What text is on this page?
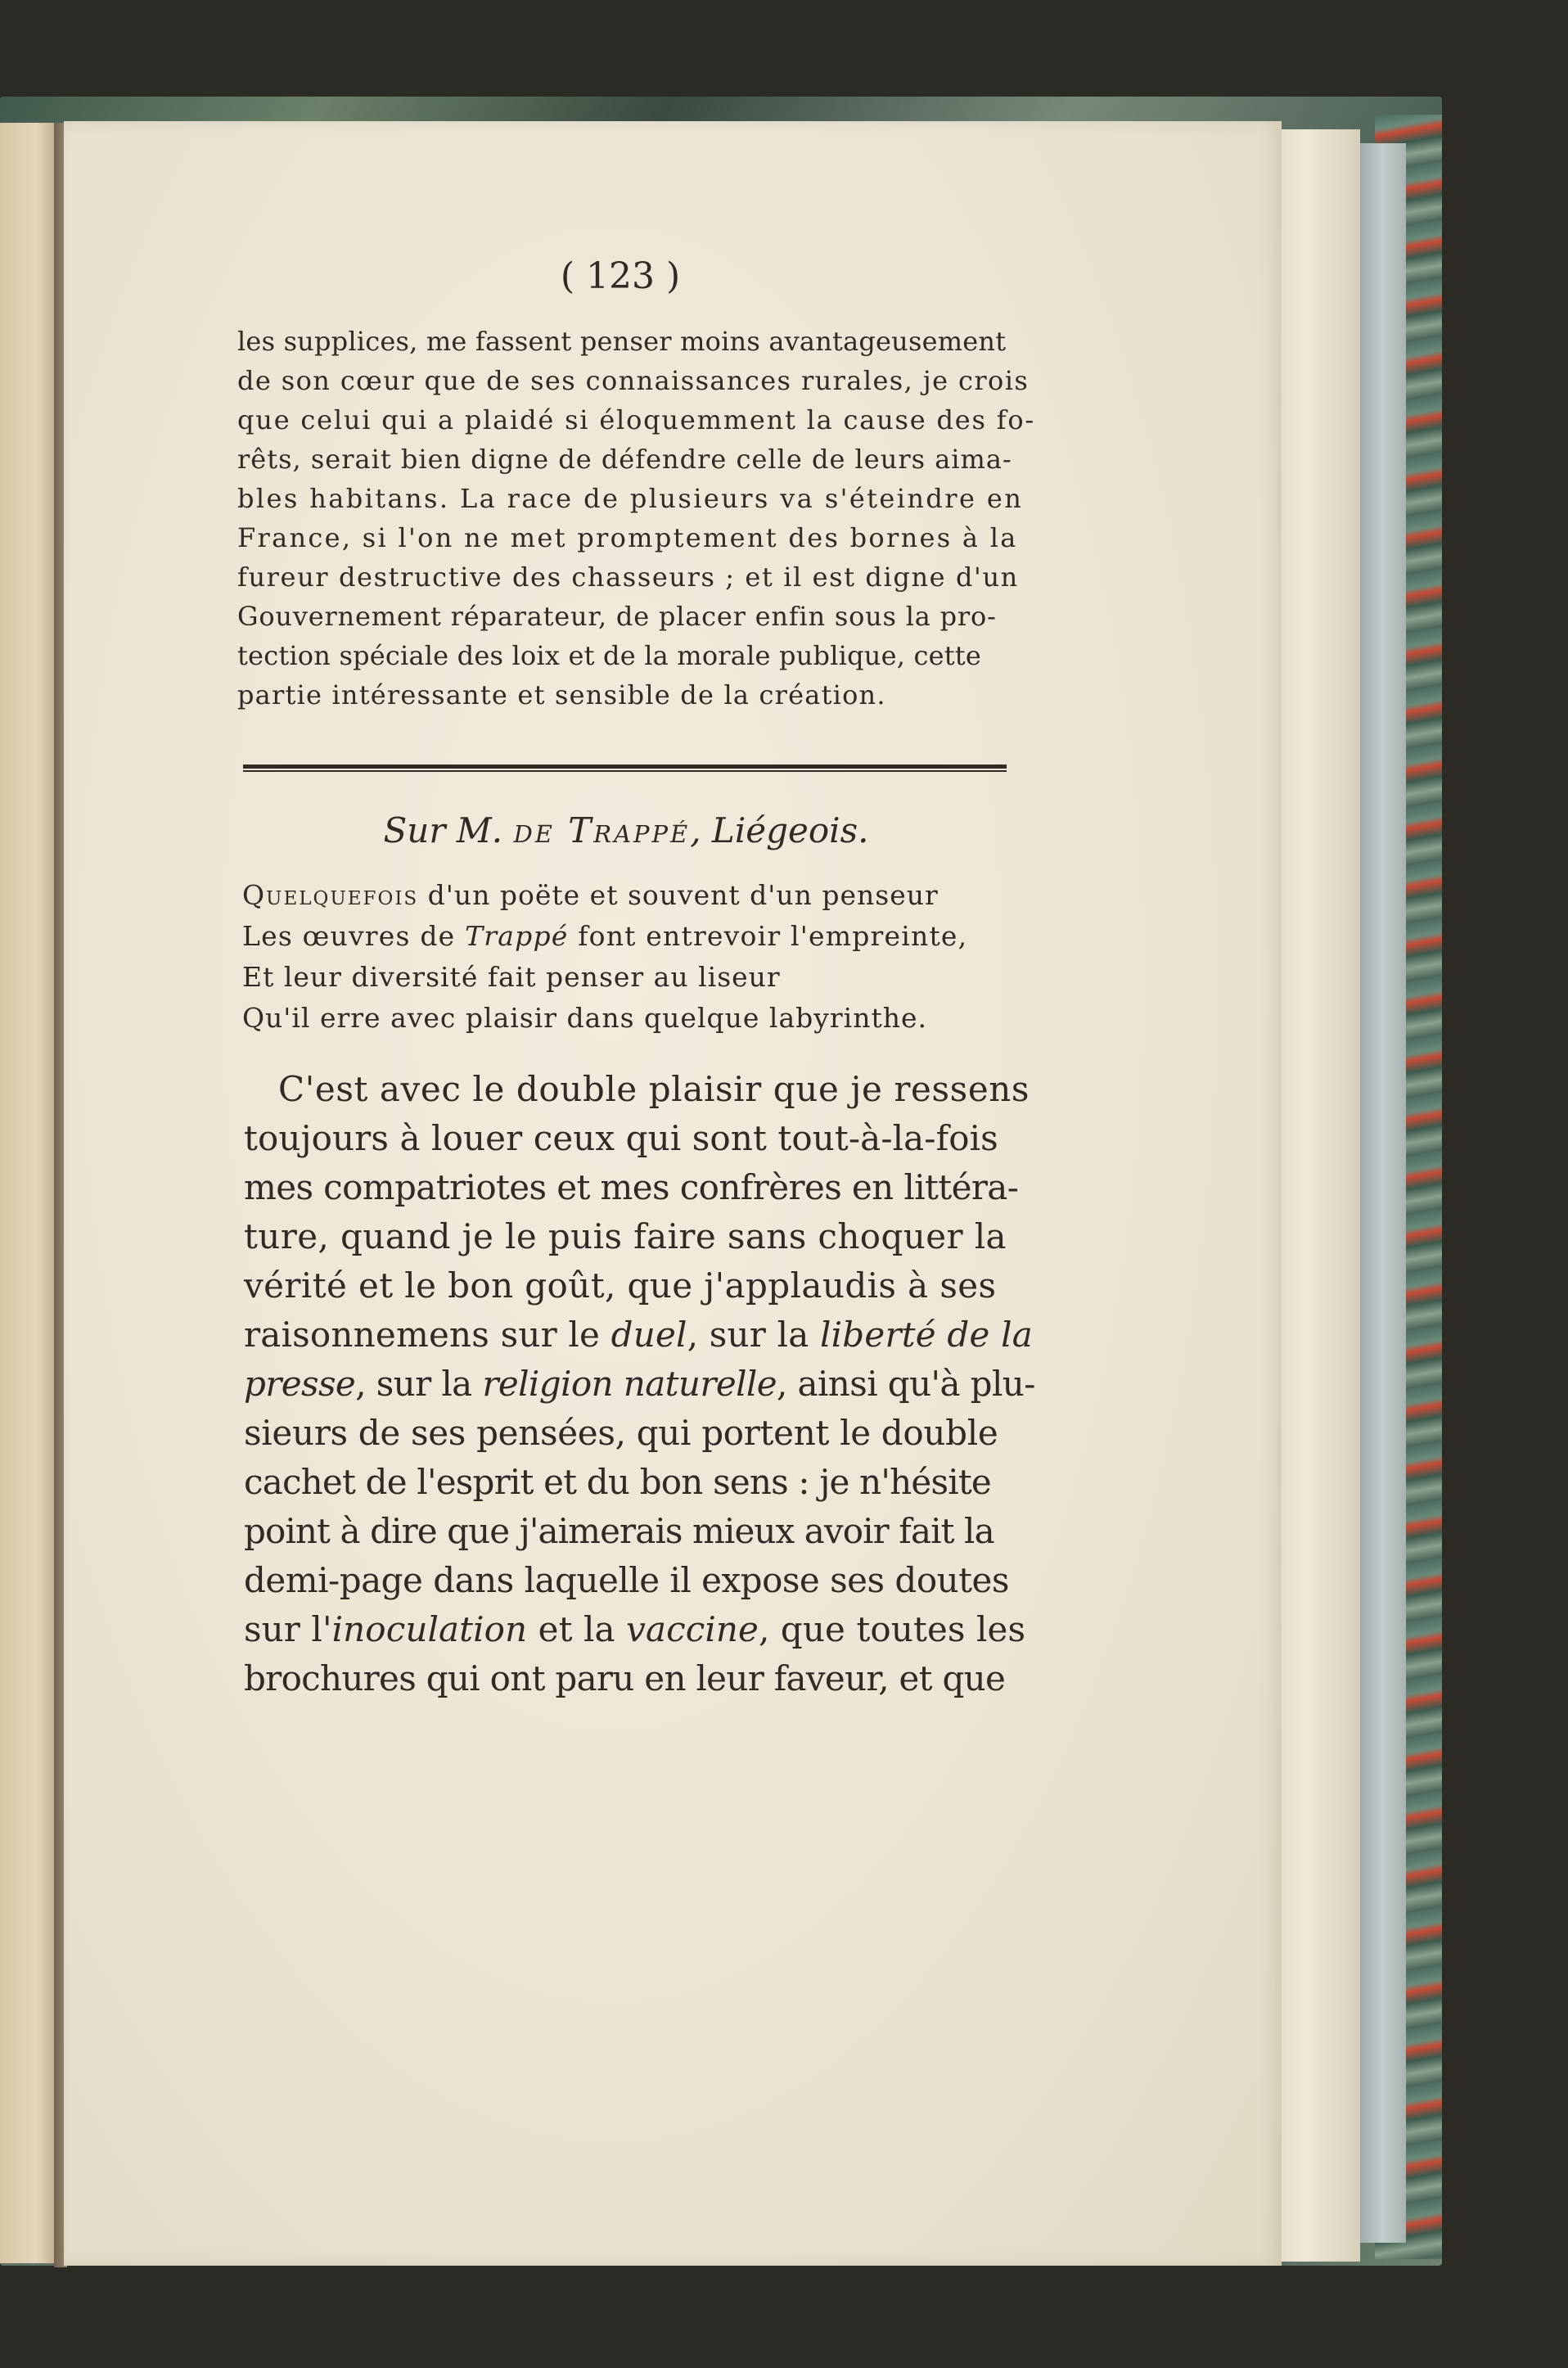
( 123 )
les supplices, me fassent penser moins avantageusement
de son cœur que de ses connaissances rurales, je crois
que celui qui a plaidé si éloquemment la cause des fo-
rêts, serait bien digne de défendre celle de leurs aima-
bles habitans. La race de plusieurs va s'éteindre en
France, si l'on ne met promptement des bornes à la
fureur destructive des chasseurs ; et il est digne d'un
Gouvernement réparateur, de placer enfin sous la pro-
tection spéciale des loix et de la morale publique, cette
partie intéressante et sensible de la création.
Sur M. de Trappé, Liégeois.
Quelquefois d'un poëte et souvent d'un penseur
Les œuvres de Trappé font entrevoir l'empreinte,
Et leur diversité fait penser au liseur
Qu'il erre avec plaisir dans quelque labyrinthe.
C'est avec le double plaisir que je ressens
toujours à louer ceux qui sont tout-à-la-fois
mes compatriotes et mes confrères en littéra-
ture, quand je le puis faire sans choquer la
vérité et le bon goût, que j'applaudis à ses
raisonnemens sur le duel, sur la liberté de la
presse, sur la religion naturelle, ainsi qu'à plu-
sieurs de ses pensées, qui portent le double
cachet de l'esprit et du bon sens : je n'hésite
point à dire que j'aimerais mieux avoir fait la
demi-page dans laquelle il expose ses doutes
sur l'inoculation et la vaccine, que toutes les
brochures qui ont paru en leur faveur, et que
